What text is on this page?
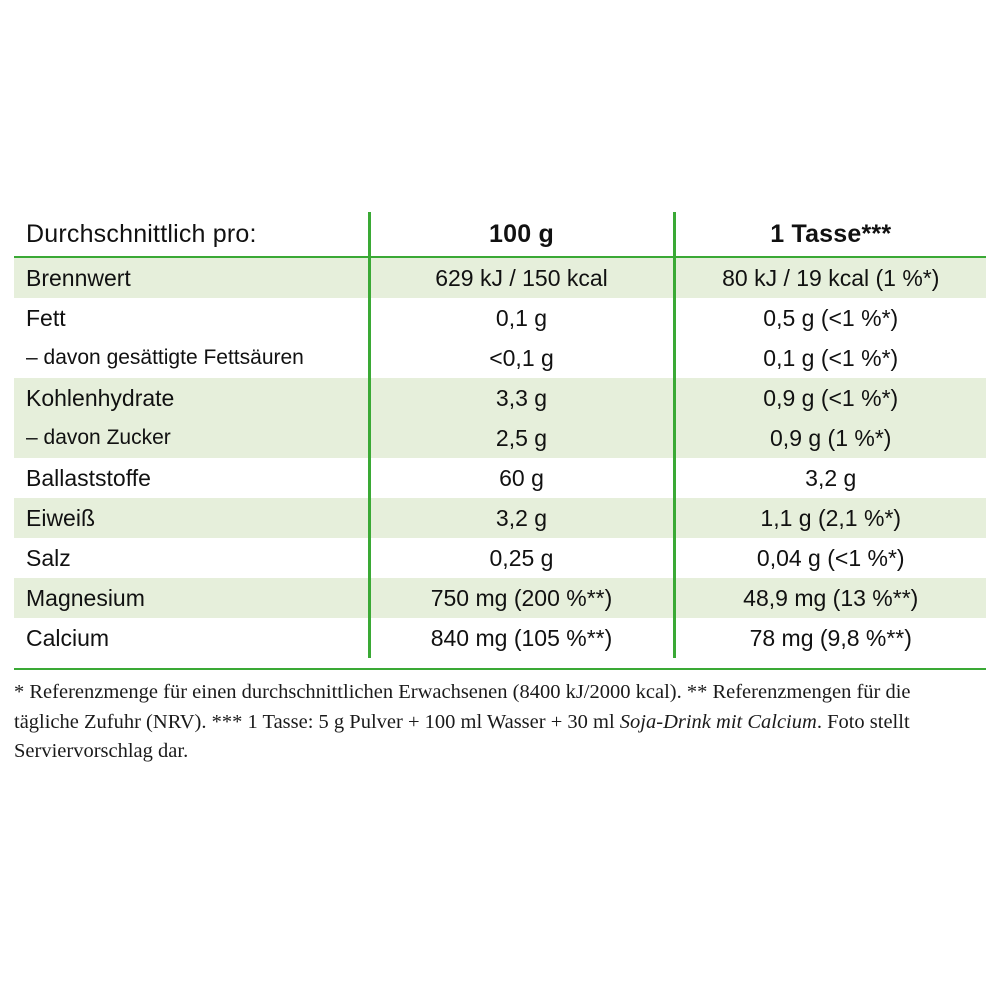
Durchschnittlich pro:	100 g	1 Tasse***
Brennwert	629 kJ / 150 kcal	80 kJ / 19 kcal (1 %*)
Fett	0,1 g	0,5 g (<1 %*)
– davon gesättigte Fettsäuren	<0,1 g	0,1 g (<1 %*)
Kohlenhydrate	3,3 g	0,9 g (<1 %*)
– davon Zucker	2,5 g	0,9 g (1 %*)
Ballaststoffe	60 g	3,2 g
Eiweiß	3,2 g	1,1 g (2,1 %*)
Salz	0,25 g	0,04 g (<1 %*)
Magnesium	750 mg (200 %**)	48,9 mg (13 %**)
Calcium	840 mg (105 %**)	78 mg (9,8 %**)
* Referenzmenge für einen durchschnittlichen Erwachsenen (8400 kJ/2000 kcal). ** Referenzmengen für die tägliche Zufuhr (NRV). *** 1 Tasse: 5 g Pulver + 100 ml Wasser + 30 ml Soja-Drink mit Calcium. Foto stellt Serviervorschlag dar.
